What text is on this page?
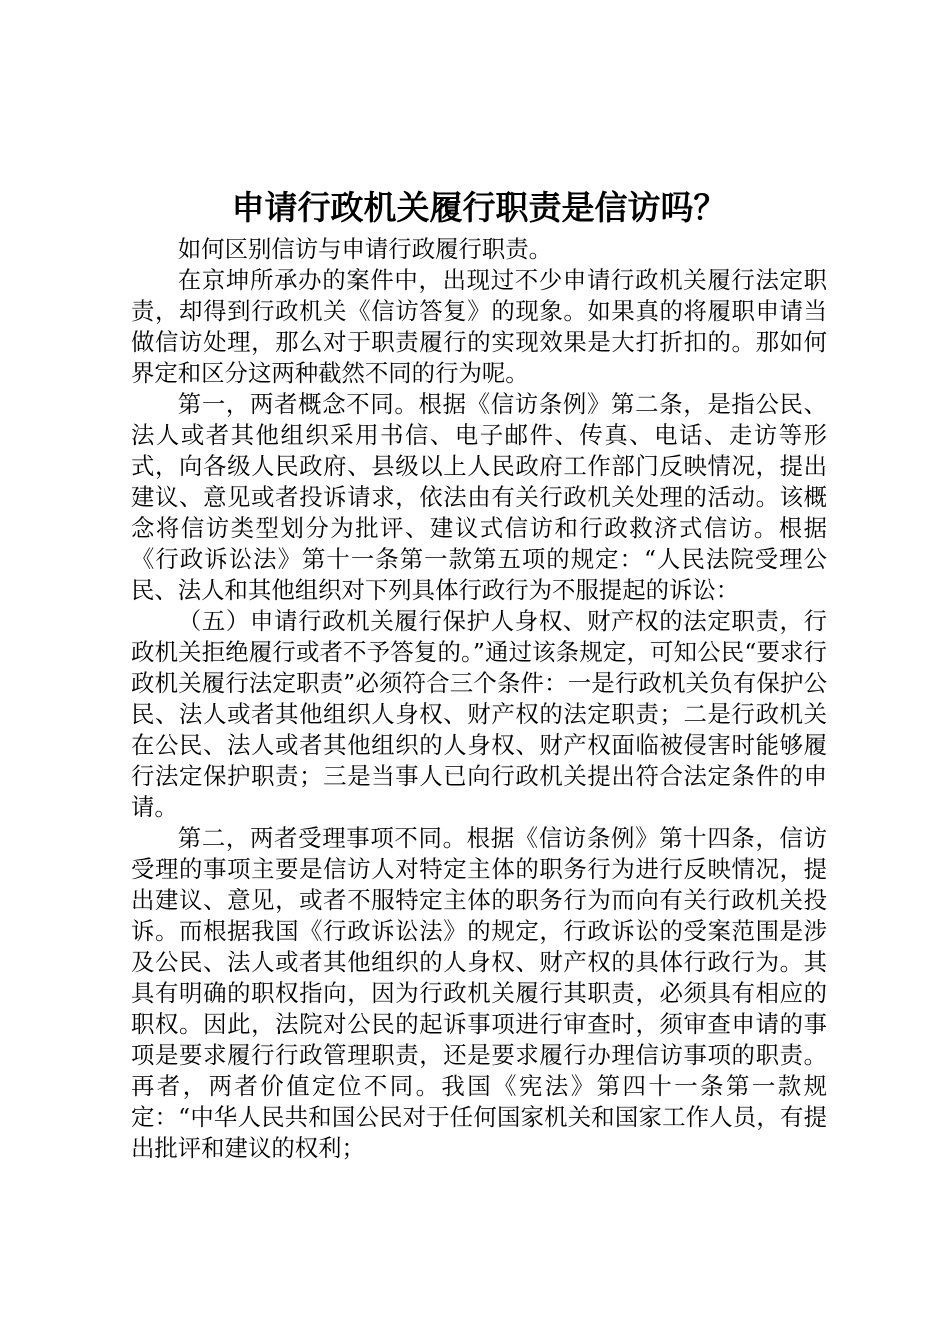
申请行政机关履行职责是信访吗？

如何区别信访与申请行政履行职责。

在京坤所承办的案件中，出现过不少申请行政机关履行法定职责，却得到行政机关《信访答复》的现象。如果真的将履职申请当做信访处理，那么对于职责履行的实现效果是大打折扣的。那如何界定和区分这两种截然不同的行为呢。

第一，两者概念不同。根据《信访条例》第二条，是指公民、法人或者其他组织采用书信、电子邮件、传真、电话、走访等形式，向各级人民政府、县级以上人民政府工作部门反映情况，提出建议、意见或者投诉请求，依法由有关行政机关处理的活动。该概念将信访类型划分为批评、建议式信访和行政救济式信访。根据《行政诉讼法》第十一条第一款第五项的规定：“人民法院受理公民、法人和其他组织对下列具体行政行为不服提起的诉讼：

（五）申请行政机关履行保护人身权、财产权的法定职责，行政机关拒绝履行或者不予答复的。”通过该条规定，可知公民“要求行政机关履行法定职责”必须符合三个条件：一是行政机关负有保护公民、法人或者其他组织人身权、财产权的法定职责；二是行政机关在公民、法人或者其他组织的人身权、财产权面临被侵害时能够履行法定保护职责；三是当事人已向行政机关提出符合法定条件的申请。

第二，两者受理事项不同。根据《信访条例》第十四条，信访受理的事项主要是信访人对特定主体的职务行为进行反映情况，提出建议、意见，或者不服特定主体的职务行为而向有关行政机关投诉。而根据我国《行政诉讼法》的规定，行政诉讼的受案范围是涉及公民、法人或者其他组织的人身权、财产权的具体行政行为。其具有明确的职权指向，因为行政机关履行其职责，必须具有相应的职权。因此，法院对公民的起诉事项进行审查时，须审查申请的事项是要求履行行政管理职责，还是要求履行办理信访事项的职责。再者，两者价值定位不同。我国《宪法》第四十一条第一款规定：“中华人民共和国公民对于任何国家机关和国家工作人员，有提出批评和建议的权利；
